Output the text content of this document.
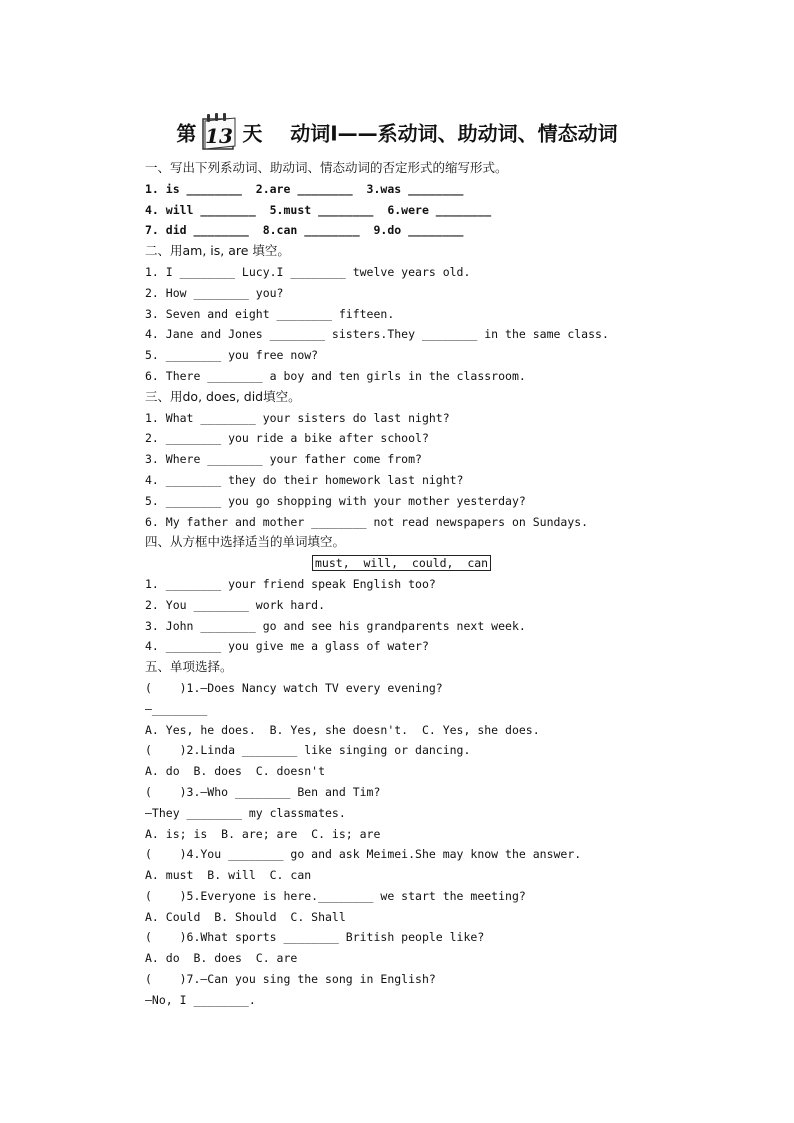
第 13 天 动词Ⅰ——系动词、助动词、情态动词
一、写出下列系动词、助动词、情态动词的否定形式的缩写形式。
1. is ________  2.are ________  3.was ________
4. will ________  5.must ________  6.were ________
7. did ________  8.can ________  9.do ________
二、用am, is, are 填空。
1. I ________ Lucy.I ________ twelve years old.
2. How ________ you?
3. Seven and eight ________ fifteen.
4. Jane and Jones ________ sisters.They ________ in the same class.
5. ________ you free now?
6. There ________ a boy and ten girls in the classroom.
三、用do, does, did填空。
1. What ________ your sisters do last night?
2. ________ you ride a bike after school?
3. Where ________ your father come from?
4. ________ they do their homework last night?
5. ________ you go shopping with your mother yesterday?
6. My father and mother ________ not read newspapers on Sundays.
四、从方框中选择适当的单词填空。
must,  will,  could,  can
1. ________ your friend speak English too?
2. You ________ work hard.
3. John ________ go and see his grandparents next week.
4. ________ you give me a glass of water?
五、单项选择。
(    )1.—Does Nancy watch TV every evening?
—________
A. Yes, he does.  B. Yes, she doesn't.  C. Yes, she does.
(    )2.Linda ________ like singing or dancing.
A. do  B. does  C. doesn't
(    )3.—Who ________ Ben and Tim?
—They ________ my classmates.
A. is; is  B. are; are  C. is; are
(    )4.You ________ go and ask Meimei.She may know the answer.
A. must  B. will  C. can
(    )5.Everyone is here.________ we start the meeting?
A. Could  B. Should  C. Shall
(    )6.What sports ________ British people like?
A. do  B. does  C. are
(    )7.—Can you sing the song in English?
—No, I ________.
